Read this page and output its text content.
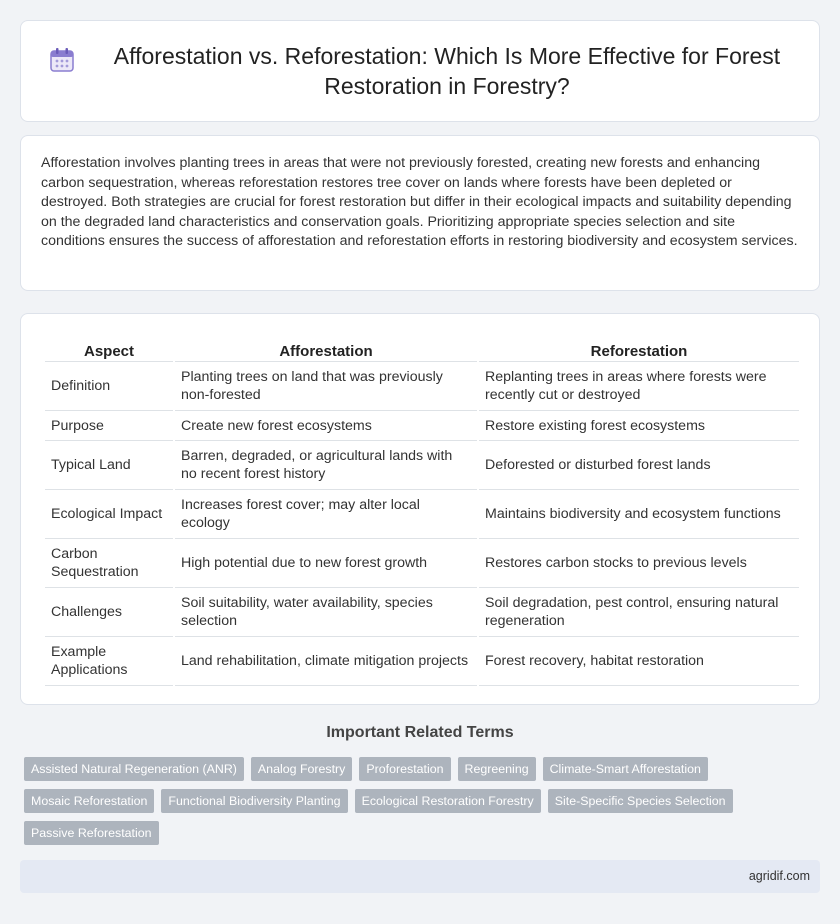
Afforestation vs. Reforestation: Which Is More Effective for Forest Restoration in Forestry?

Afforestation involves planting trees in areas that were not previously forested, creating new forests and enhancing carbon sequestration, whereas reforestation restores tree cover on lands where forests have been depleted or destroyed. Both strategies are crucial for forest restoration but differ in their ecological impacts and suitability depending on the degraded land characteristics and conservation goals. Prioritizing appropriate species selection and site conditions ensures the success of afforestation and reforestation efforts in restoring biodiversity and ecosystem services.

Aspect	Afforestation	Reforestation
Definition	Planting trees on land that was previously non-forested	Replanting trees in areas where forests were recently cut or destroyed
Purpose	Create new forest ecosystems	Restore existing forest ecosystems
Typical Land	Barren, degraded, or agricultural lands with no recent forest history	Deforested or disturbed forest lands
Ecological Impact	Increases forest cover; may alter local ecology	Maintains biodiversity and ecosystem functions
Carbon Sequestration	High potential due to new forest growth	Restores carbon stocks to previous levels
Challenges	Soil suitability, water availability, species selection	Soil degradation, pest control, ensuring natural regeneration
Example Applications	Land rehabilitation, climate mitigation projects	Forest recovery, habitat restoration
Important Related Terms
Assisted Natural Regeneration (ANR)	Analog Forestry	Proforestation	Regreening	Climate-Smart Afforestation
Mosaic Reforestation	Functional Biodiversity Planting	Ecological Restoration Forestry	Site-Specific Species Selection
Passive Reforestation
agridif.com
